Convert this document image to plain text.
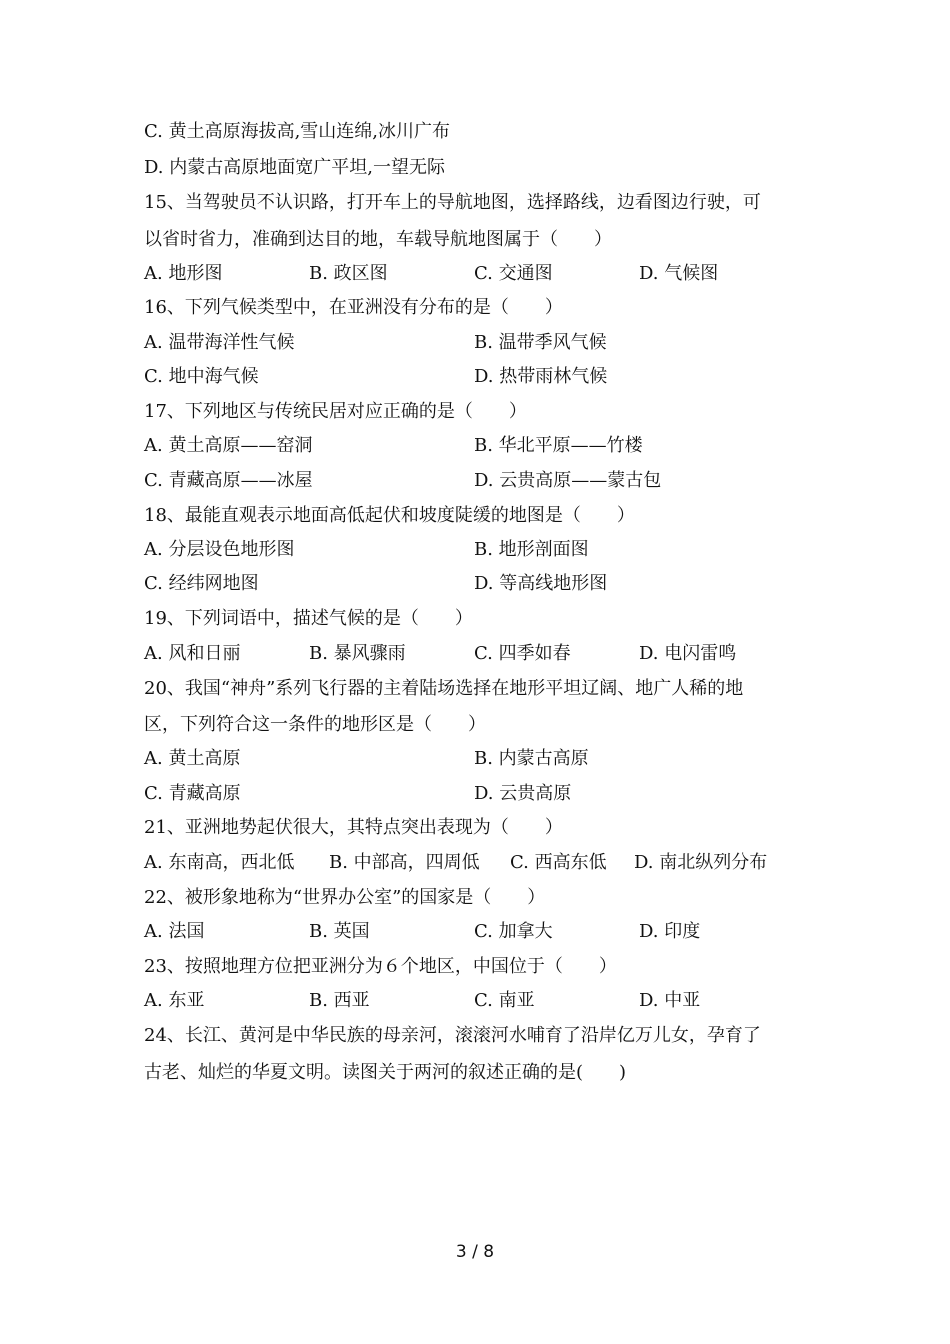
C. 黄土高原海拔高,雪山连绵,冰川广布
D. 内蒙古高原地面宽广平坦,一望无际
15、当驾驶员不认识路，打开车上的导航地图，选择路线，边看图边行驶，可
以省时省力，准确到达目的地，车载导航地图属于（　　）
A. 地形图	B. 政区图	C. 交通图	D. 气候图
16、下列气候类型中，在亚洲没有分布的是（　　）
A. 温带海洋性气候	B. 温带季风气候
C. 地中海气候	D. 热带雨林气候
17、下列地区与传统民居对应正确的是（　　）
A. 黄土高原——窑洞	B. 华北平原——竹楼
C. 青藏高原——冰屋	D. 云贵高原——蒙古包
18、最能直观表示地面高低起伏和坡度陡缓的地图是（　　）
A. 分层设色地形图	B. 地形剖面图
C. 经纬网地图	D. 等高线地形图
19、下列词语中，描述气候的是（　　）
A. 风和日丽	B. 暴风骤雨	C. 四季如春	D. 电闪雷鸣
20、我国“神舟”系列飞行器的主着陆场选择在地形平坦辽阔、地广人稀的地
区，下列符合这一条件的地形区是（　　）
A. 黄土高原	B. 内蒙古高原
C. 青藏高原	D. 云贵高原
21、亚洲地势起伏很大，其特点突出表现为（　　）
A. 东南高，西北低 B. 中部高，四周低 C. 西高东低 D. 南北纵列分布
22、被形象地称为“世界办公室”的国家是（　　）
A. 法国	B. 英国	C. 加拿大	D. 印度
23、按照地理方位把亚洲分为６个地区，中国位于（　　）
A. 东亚	B. 西亚	C. 南亚	D. 中亚
24、长江、黄河是中华民族的母亲河，滚滚河水哺育了沿岸亿万儿女，孕育了
古老、灿烂的华夏文明。读图关于两河的叙述正确的是(　　)
3 / 8
